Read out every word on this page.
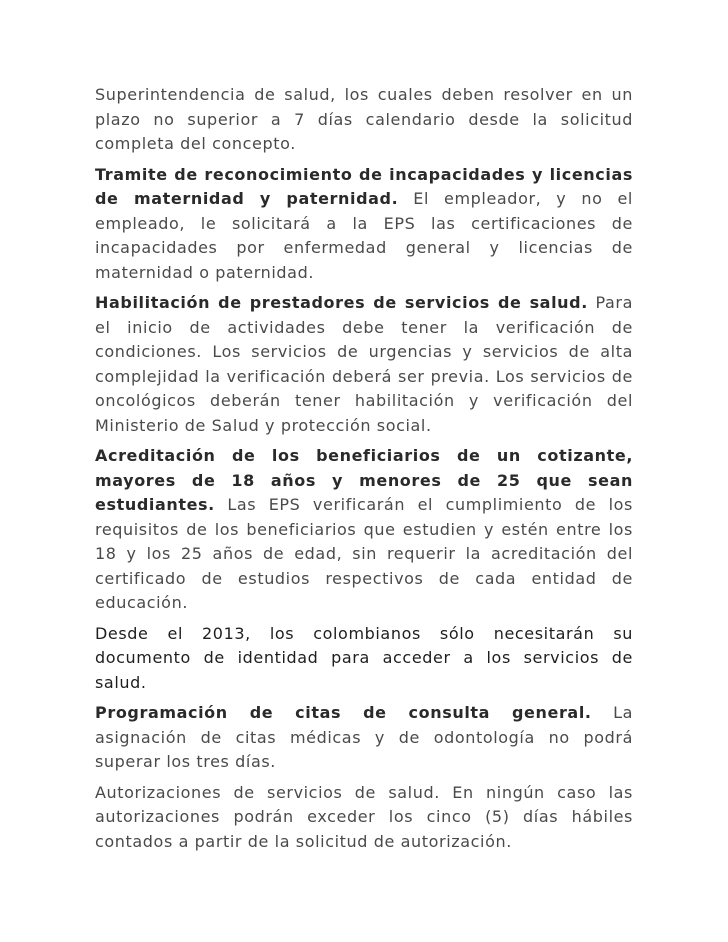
Superintendencia de salud, los cuales deben resolver en un plazo no superior a 7 días calendario desde la solicitud completa del concepto.

Tramite de reconocimiento de incapacidades y licencias de maternidad y paternidad. El empleador, y no el empleado, le solicitará a la EPS las certificaciones de incapacidades por enfermedad general y licencias de maternidad o paternidad.

Habilitación de prestadores de servicios de salud. Para el inicio de actividades debe tener la verificación de condiciones. Los servicios de urgencias y servicios de alta complejidad la verificación deberá ser previa. Los servicios de oncológicos deberán tener habilitación y verificación del Ministerio de Salud y protección social.

Acreditación de los beneficiarios de un cotizante, mayores de 18 años y menores de 25 que sean estudiantes. Las EPS verificarán el cumplimiento de los requisitos de los beneficiarios que estudien y estén entre los 18 y los 25 años de edad, sin requerir la acreditación del certificado de estudios respectivos de cada entidad de educación.

Desde el 2013, los colombianos sólo necesitarán su documento de identidad para acceder a los servicios de salud.

Programación de citas de consulta general. La asignación de citas médicas y de odontología no podrá superar los tres días.

Autorizaciones de servicios de salud. En ningún caso las autorizaciones podrán exceder los cinco (5) días hábiles contados a partir de la solicitud de autorización.
